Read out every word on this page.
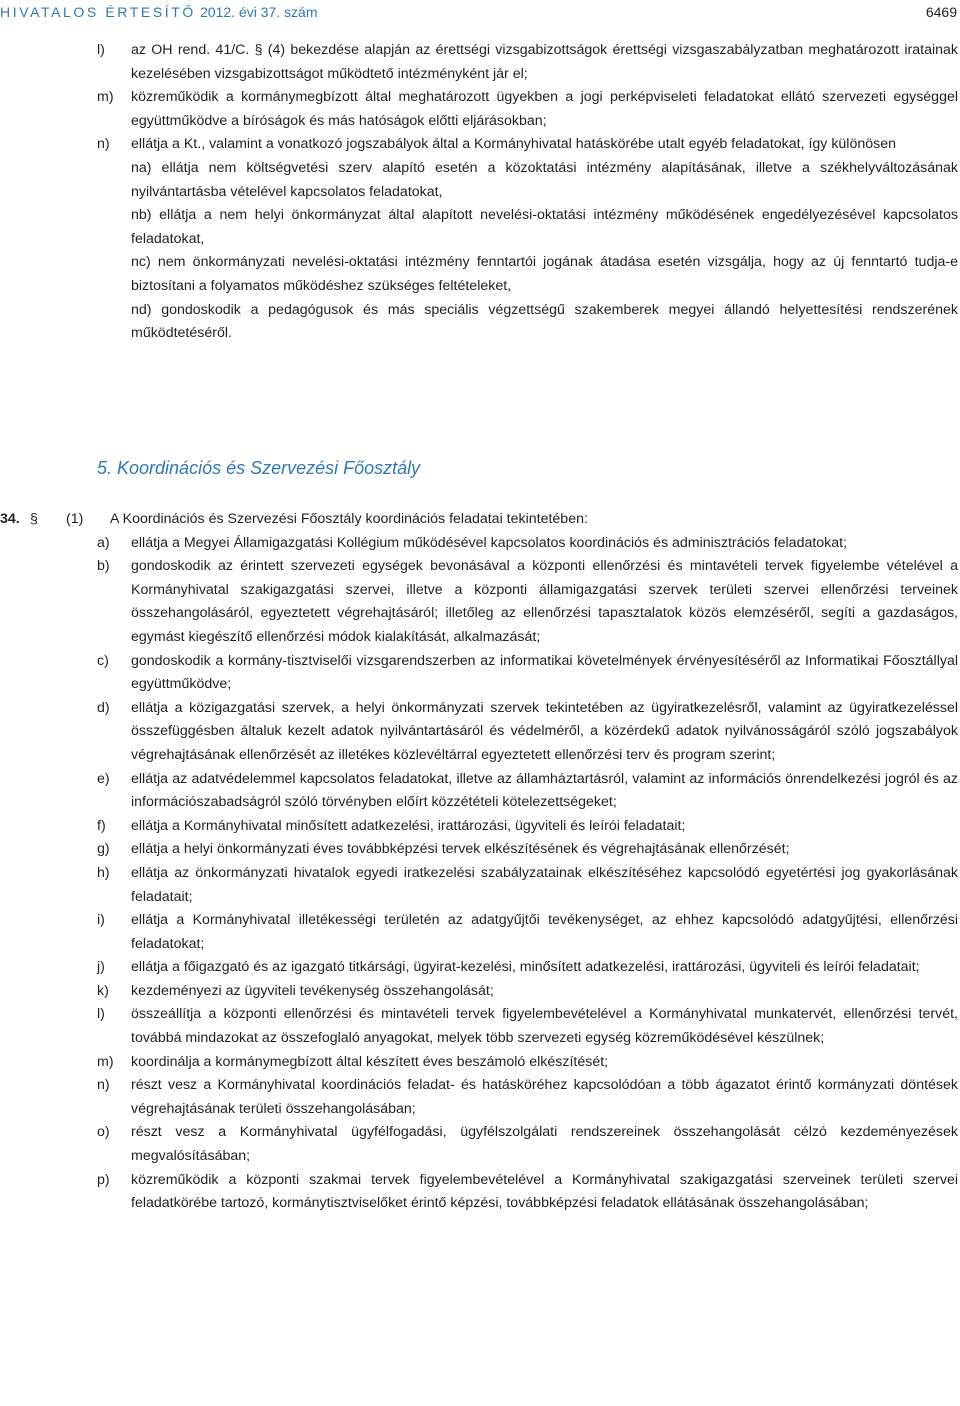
HIVATALOS ÉRTESÍTŐ 2012. évi 37. szám	6469
l) az OH rend. 41/C. § (4) bekezdése alapján az érettségi vizsgabizottságok érettségi vizsgaszabályzatban meghatározott iratainak kezelésében vizsgabizottságot működtető intézményként jár el;
m) közreműködik a kormánymegbízott által meghatározott ügyekben a jogi perképviseleti feladatokat ellátó szervezeti egységgel együttműködve a bíróságok és más hatóságok előtti eljárásokban;
n) ellátja a Kt., valamint a vonatkozó jogszabályok által a Kormányhivatal hatáskörébe utalt egyéb feladatokat, így különösen
na) ellátja nem költségvetési szerv alapító esetén a közoktatási intézmény alapításának, illetve a székhelyváltozásának nyilvántartásba vételével kapcsolatos feladatokat,
nb) ellátja a nem helyi önkormányzat által alapított nevelési-oktatási intézmény működésének engedélyezésével kapcsolatos feladatokat,
nc) nem önkormányzati nevelési-oktatási intézmény fenntartói jogának átadása esetén vizsgálja, hogy az új fenntartó tudja-e biztosítani a folyamatos működéshez szükséges feltételeket,
nd) gondoskodik a pedagógusok és más speciális végzettségű szakemberek megyei állandó helyettesítési rendszerének működtetéséről.
5. Koordinációs és Szervezési Főosztály
34. § (1) A Koordinációs és Szervezési Főosztály koordinációs feladatai tekintetében:
a) ellátja a Megyei Államigazgatási Kollégium működésével kapcsolatos koordinációs és adminisztrációs feladatokat;
b) gondoskodik az érintett szervezeti egységek bevonásával a központi ellenőrzési és mintavételi tervek figyelembe vételével a Kormányhivatal szakigazgatási szervei, illetve a központi államigazgatási szervek területi szervei ellenőrzési terveinek összehangolásáról, egyeztetett végrehajtásáról; illetőleg az ellenőrzési tapasztalatok közös elemzéséről, segíti a gazdaságos, egymást kiegészítő ellenőrzési módok kialakítását, alkalmazását;
c) gondoskodik a kormány-tisztviselői vizsgarendszerben az informatikai követelmények érvényesítéséről az Informatikai Főosztállyal együttműködve;
d) ellátja a közigazgatási szervek, a helyi önkormányzati szervek tekintetében az ügyiratkezelésről, valamint az ügyiratkezeléssel összefüggésben általuk kezelt adatok nyilvántartásáról és védelméről, a közérdekű adatok nyilvánosságáról szóló jogszabályok végrehajtásának ellenőrzését az illetékes közlevéltárral egyeztetett ellenőrzési terv és program szerint;
e) ellátja az adatvédelemmel kapcsolatos feladatokat, illetve az államháztartásról, valamint az információs önrendelkezési jogról és az információszabadságról szóló törvényben előírt közzétételi kötelezettségeket;
f) ellátja a Kormányhivatal minősített adatkezelési, irattározási, ügyviteli és leírói feladatait;
g) ellátja a helyi önkormányzati éves továbbképzési tervek elkészítésének és végrehajtásának ellenőrzését;
h) ellátja az önkormányzati hivatalok egyedi iratkezelési szabályzatainak elkészítéséhez kapcsolódó egyetértési jog gyakorlásának feladatait;
i) ellátja a Kormányhivatal illetékességi területén az adatgyűjtői tevékenységet, az ehhez kapcsolódó adatgyűjtési, ellenőrzési feladatokat;
j) ellátja a főigazgató és az igazgató titkársági, ügyirat-kezelési, minősített adatkezelési, irattározási, ügyviteli és leírói feladatait;
k) kezdeményezi az ügyviteli tevékenység összehangolását;
l) összeállítja a központi ellenőrzési és mintavételi tervek figyelembevételével a Kormányhivatal munkatervét, ellenőrzési tervét, továbbá mindazokat az összefoglaló anyagokat, melyek több szervezeti egység közreműködésével készülnek;
m) koordinálja a kormánymegbízott által készített éves beszámoló elkészítését;
n) részt vesz a Kormányhivatal koordinációs feladat- és hatásköréhez kapcsolódóan a több ágazatot érintő kormányzati döntések végrehajtásának területi összehangolásában;
o) részt vesz a Kormányhivatal ügyfélfogadási, ügyfélszolgálati rendszereinek összehangolását célzó kezdeményezések megvalósításában;
p) közreműködik a központi szakmai tervek figyelembevételével a Kormányhivatal szakigazgatási szerveinek területi szervei feladatkörébe tartozó, kormánytisztviselőket érintő képzési, továbbképzési feladatok ellátásának összehangolásában;
